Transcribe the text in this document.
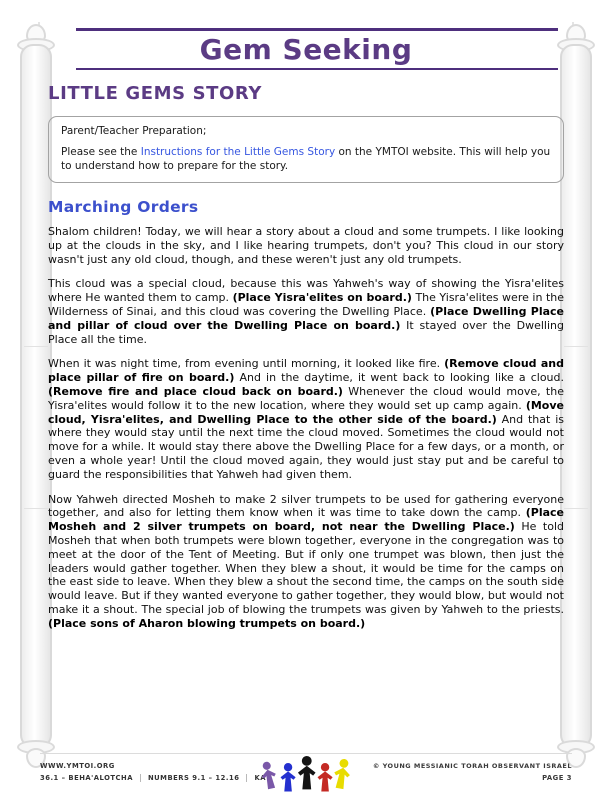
Gem Seeking
LITTLE GEMS STORY
Parent/Teacher Preparation;
Please see the Instructions for the Little Gems Story on the YMTOI website. This will help you to understand how to prepare for the story.
Marching Orders

Shalom children! Today, we will hear a story about a cloud and some trumpets. I like looking up at the clouds in the sky, and I like hearing trumpets, don't you? This cloud in our story wasn't just any old cloud, though, and these weren't just any old trumpets.

This cloud was a special cloud, because this was Yahweh's way of showing the Yisra'elites where He wanted them to camp. (Place Yisra'elites on board.) The Yisra'elites were in the Wilderness of Sinai, and this cloud was covering the Dwelling Place. (Place Dwelling Place and pillar of cloud over the Dwelling Place on board.) It stayed over the Dwelling Place all the time.

When it was night time, from evening until morning, it looked like fire. (Remove cloud and place pillar of fire on board.) And in the daytime, it went back to looking like a cloud. (Remove fire and place cloud back on board.) Whenever the cloud would move, the Yisra'elites would follow it to the new location, where they would set up camp again. (Move cloud, Yisra'elites, and Dwelling Place to the other side of the board.) And that is where they would stay until the next time the cloud moved. Sometimes the cloud would not move for a while. It would stay there above the Dwelling Place for a few days, or a month, or even a whole year! Until the cloud moved again, they would just stay put and be careful to guard the responsibilities that Yahweh had given them.

Now Yahweh directed Mosheh to make 2 silver trumpets to be used for gathering everyone together, and also for letting them know when it was time to take down the camp. (Place Mosheh and 2 silver trumpets on board, not near the Dwelling Place.) He told Mosheh that when both trumpets were blown together, everyone in the congregation was to meet at the door of the Tent of Meeting. But if only one trumpet was blown, then just the leaders would gather together. When they blew a shout, it would be time for the camps on the east side to leave. When they blew a shout the second time, the camps on the south side would leave. But if they wanted everyone to gather together, they would blow, but would not make it a shout. The special job of blowing the trumpets was given by Yahweh to the priests. (Place sons of Aharon blowing trumpets on board.)

WWW.YMTOI.ORG
36.1 – BEHA'ALOTCHA NUMBERS 9.1 – 12.16 KA
© YOUNG MESSIANIC TORAH OBSERVANT ISRAEL
PAGE 3
